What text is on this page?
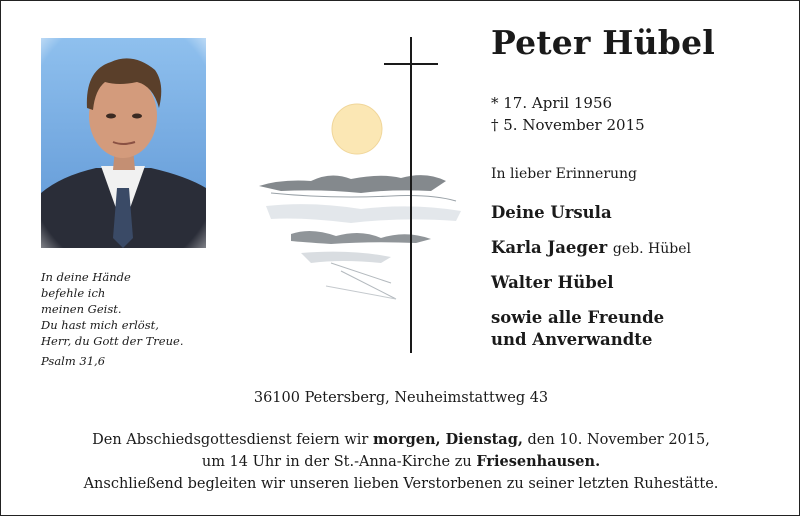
In deine Hände
befehle ich
meinen Geist.
Du hast mich erlöst,
Herr, du Gott der Treue.
Psalm 31,6
Peter Hübel
* 17. April 1956
† 5. November 2015
In lieber Erinnerung
Deine Ursula
Karla Jaeger geb. Hübel
Walter Hübel
sowie alle Freunde
und Anverwandte
36100 Petersberg, Neuheimstattweg 43
Den Abschiedsgottesdienst feiern wir morgen, Dienstag, den 10. November 2015,
um 14 Uhr in der St.-Anna-Kirche zu Friesenhausen.
Anschließend begleiten wir unseren lieben Verstorbenen zu seiner letzten Ruhestätte.
